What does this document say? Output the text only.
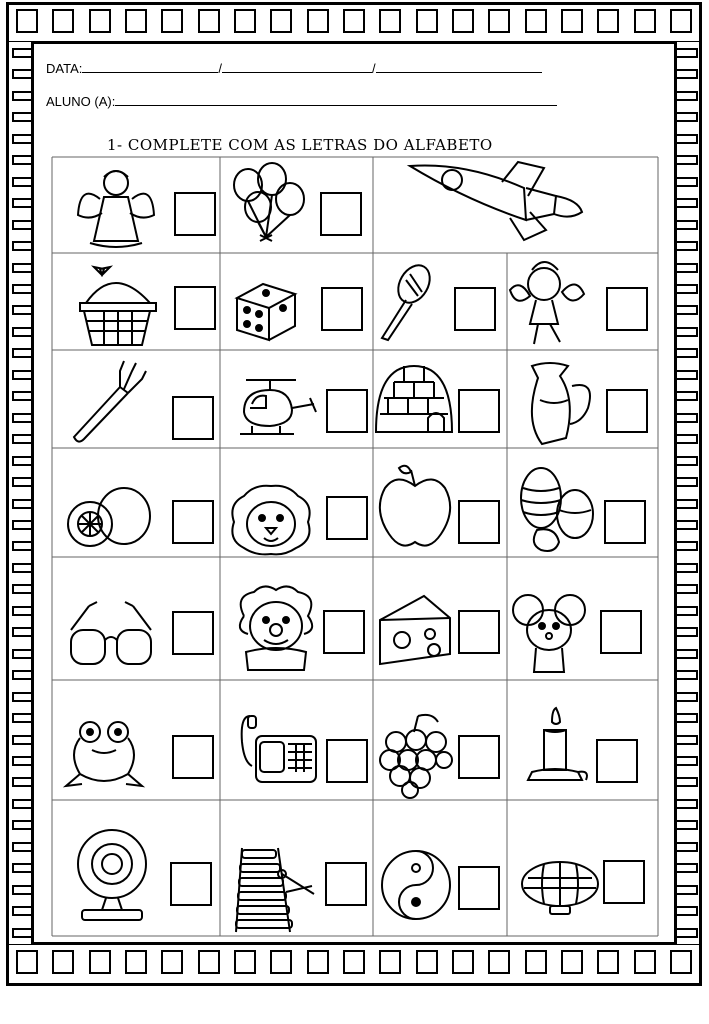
DATA:	/	/
ALUNO (A):
1- COMPLETE COM AS LETRAS DO ALFABETO
